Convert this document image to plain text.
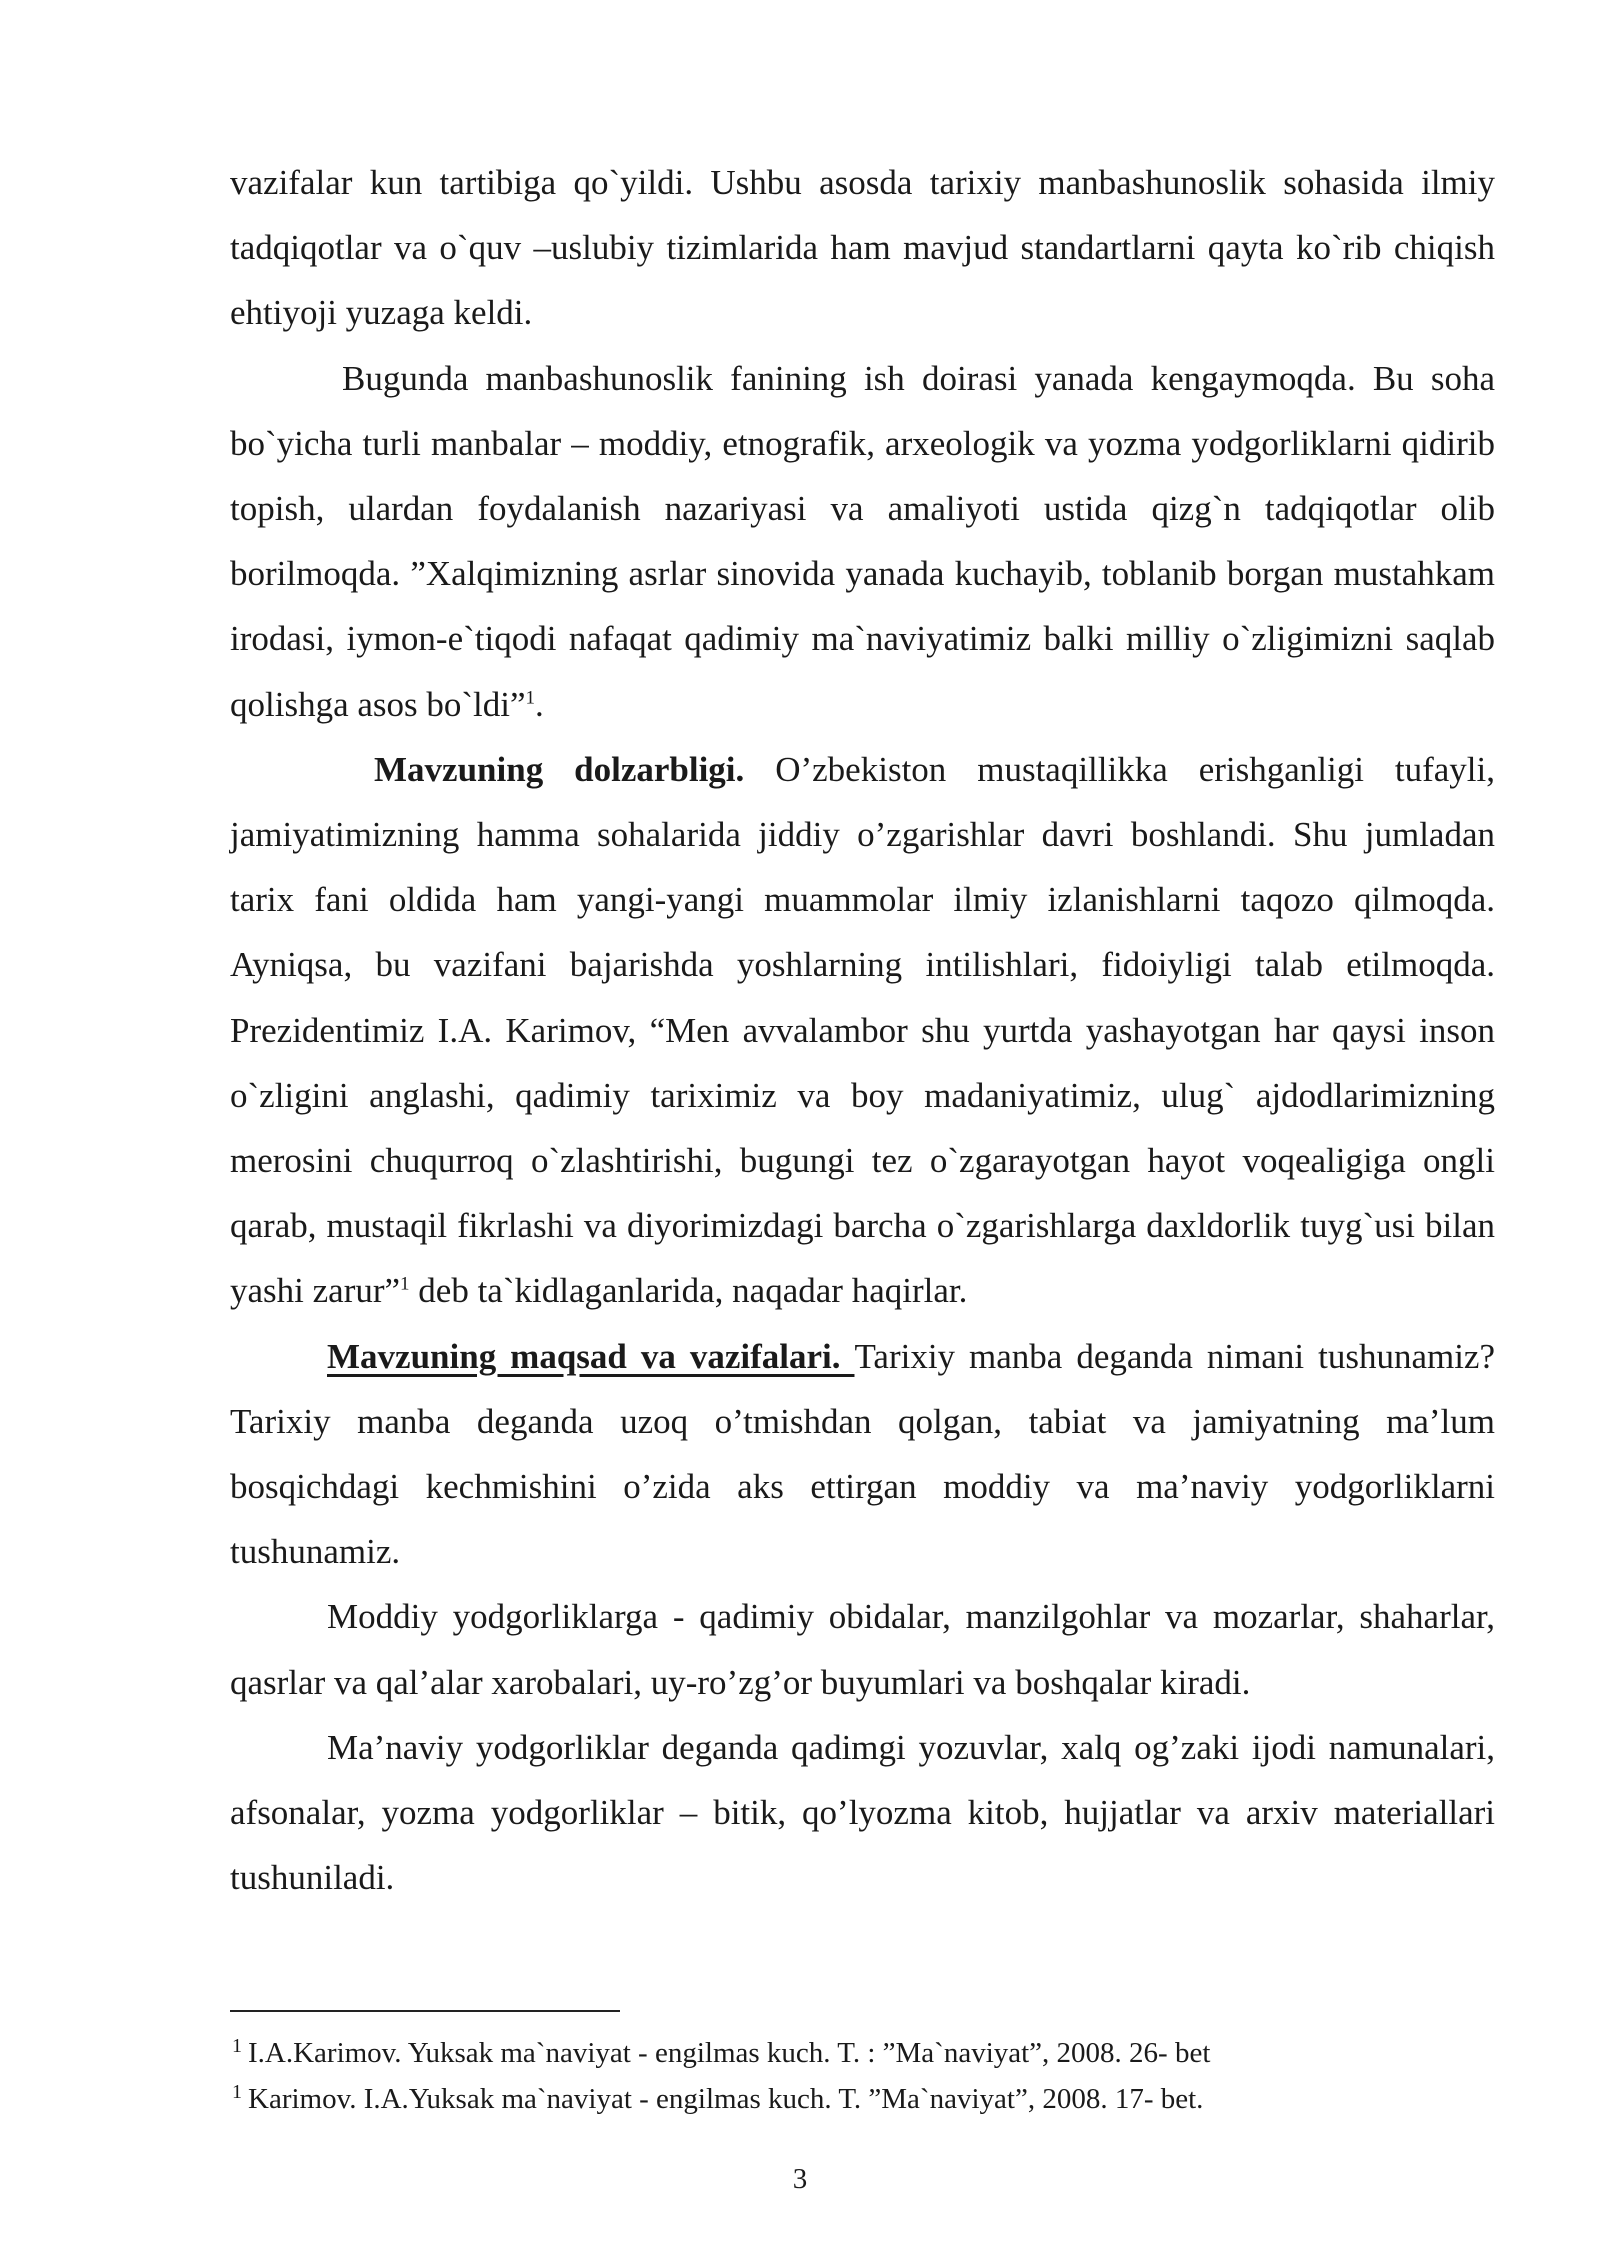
vazifalar kun tartibiga qo`yildi. Ushbu asosda tarixiy manbashunoslik sohasida ilmiy tadqiqotlar va o`quv –uslubiy tizimlarida ham mavjud standartlarni qayta ko`rib chiqish ehtiyoji yuzaga keldi.

Bugunda manbashunoslik fanining ish doirasi yanada kengaymoqda. Bu soha bo`yicha turli manbalar – moddiy, etnografik, arxeologik va yozma yodgorliklarni qidirib topish, ulardan foydalanish nazariyasi va amaliyoti ustida qizg`n tadqiqotlar olib borilmoqda. ”Xalqimizning asrlar sinovida yanada kuchayib, toblanib borgan mustahkam irodasi, iymon-e`tiqodi nafaqat qadimiy ma`naviyatimiz balki milliy o`zligimizni saqlab qolishga asos bo`ldi”$^1$.

Mavzuning dolzarbligi. O’zbekiston mustaqillikka erishganligi tufayli, jamiyatimizning hamma sohalarida jiddiy o’zgarishlar davri boshlandi. Shu jumladan tarix fani oldida ham yangi-yangi muammolar ilmiy izlanishlarni taqozo qilmoqda. Ayniqsa, bu vazifani bajarishda yoshlarning intilishlari, fidoiyligi talab etilmoqda. Prezidentimiz I.A. Karimov, “Men avvalambor shu yurtda yashayotgan har qaysi inson o`zligini anglashi, qadimiy tariximiz va boy madaniyatimiz, ulug` ajdodlarimizning merosini chuqurroq o`zlashtirishi, bugungi tez o`zgarayotgan hayot voqealigiga ongli qarab, mustaqil fikrlashi va diyorimizdagi barcha o`zgarishlarga daxldorlik tuyg`usi bilan yashi zarur”$^1$ deb ta`kidlaganlarida, naqadar haqirlar.

Mavzuning maqsad va vazifalari. Tarixiy manba deganda nimani tushunamiz? Tarixiy manba deganda uzoq o’tmishdan qolgan, tabiat va jamiyatning ma’lum bosqichdagi kechmishini o’zida aks ettirgan moddiy va ma’naviy yodgorliklarni tushunamiz.

Moddiy yodgorliklarga - qadimiy obidalar, manzilgohlar va mozarlar, shaharlar, qasrlar va qal’alar xarobalari, uy-ro’zg’or buyumlari va boshqalar kiradi.

Ma’naviy yodgorliklar deganda qadimgi yozuvlar, xalq og’zaki ijodi namunalari, afsonalar, yozma yodgorliklar – bitik, qo’lyozma kitob, hujjatlar va arxiv materiallari tushuniladi.

$^1$ I.A.Karimov. Yuksak ma`naviyat - engilmas kuch. T. : ”Ma`naviyat”, 2008. 26- bet

$^1$ Karimov. I.A.Yuksak ma`naviyat - engilmas kuch. T. ”Ma`naviyat”, 2008. 17- bet.

3
